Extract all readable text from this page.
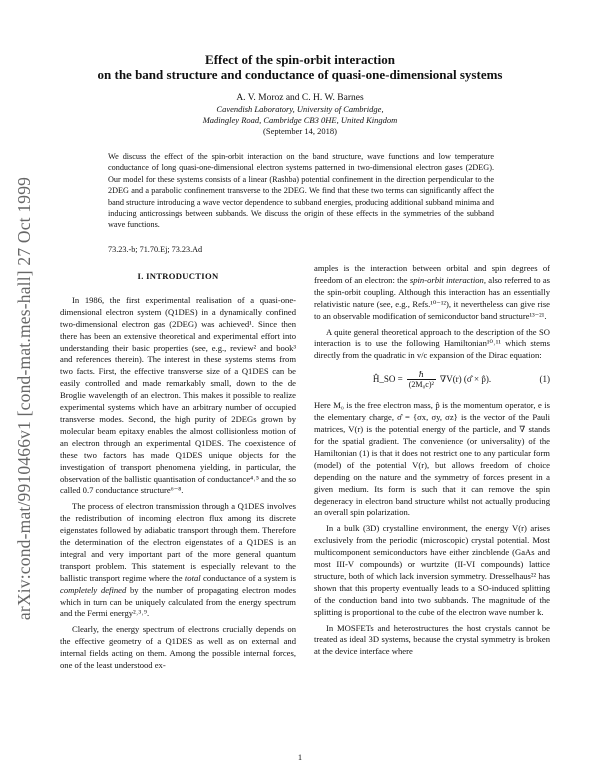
arXiv:cond-mat/9910466v1 [cond-mat.mes-hall] 27 Oct 1999
Effect of the spin-orbit interaction
on the band structure and conductance of quasi-one-dimensional systems
A. V. Moroz and C. H. W. Barnes
Cavendish Laboratory, University of Cambridge,
Madingley Road, Cambridge CB3 0HE, United Kingdom
(September 14, 2018)

We discuss the effect of the spin-orbit interaction on the band structure, wave functions and low temperature conductance of long quasi-one-dimensional electron systems patterned in two-dimensional electron gases (2DEG). Our model for these systems consists of a linear (Rashba) potential confinement in the direction perpendicular to the 2DEG and a parabolic confinement transverse to the 2DEG. We find that these two terms can significantly affect the band structure introducing a wave vector dependence to subband energies, producing additional subband minima and inducing anticrossings between subbands. We discuss the origin of these effects in the symmetries of the subband wave functions.

73.23.-b; 71.70.Ej; 73.23.Ad

I. INTRODUCTION

In 1986, the first experimental realisation of a quasi-one-dimensional electron system (Q1DES) in a dynamically confined two-dimensional electron gas (2DEG) was achieved¹. Since then there has been an extensive theoretical and experimental effort into understanding their basic properties (see, e.g., review² and book³ and references therein). The interest in these systems stems from two facts. First, the effective transverse size of a Q1DES can be easily controlled and made remarkably small, down to the de Broglie wavelength of an electron. This makes it possible to realize experimental systems which have an arbitrary number of occupied transverse modes. Second, the high purity of 2DEGs grown by molecular beam epitaxy enables the almost collisionless motion of an electron through an experimental Q1DES. The coexistence of these two factors has made Q1DES unique objects for the investigation of transport phenomena yielding, in particular, the observation of the ballistic quantisation of conductance⁴˒⁵ and the so called 0.7 conductance structure⁶⁻⁸.

The process of electron transmission through a Q1DES involves the redistribution of incoming electron flux among its discrete eigenstates followed by adiabatic transport through them. Therefore the determination of the electron eigenstates of a Q1DES is an integral and very important part of the more general quantum transport problem. This statement is especially relevant to the ballistic transport regime where the total conductance of a system is completely defined by the number of propagating electron modes which in turn can be uniquely calculated from the energy spectrum and the Fermi energy²˒³˒⁹.

Clearly, the energy spectrum of electrons crucially depends on the effective geometry of a Q1DES as well as on external and internal fields acting on them. Among the possible internal forces, one of the least understood ex-

amples is the interaction between orbital and spin degrees of freedom of an electron: the spin-orbit interaction, also referred to as the spin-orbit coupling. Although this interaction has an essentially relativistic nature (see, e.g., Refs.¹⁰⁻¹²), it nevertheless can give rise to an observable modification of semiconductor band structure¹³⁻²¹.

A quite general theoretical approach to the description of the SO interaction is to use the following Hamiltonian¹⁰˒¹¹ which stems directly from the quadratic in v/c expansion of the Dirac equation:

Ĥ_SO = ℏ
(2M₀c)²
∇V(r) (σ̂ × p̂).	(1)

Here M₀ is the free electron mass, p̂ is the momentum operator, e is the elementary charge, σ̂ = {σx, σy, σz} is the vector of the Pauli matrices, V(r) is the potential energy of the particle, and ∇ stands for the spatial gradient. The convenience (or universality) of the Hamiltonian (1) is that it does not restrict one to any particular form (model) of the potential V(r), but allows freedom of choice depending on the nature and the symmetry of forces present in a given medium. Its form is such that it can remove the spin degeneracy in electron band structure whilst not actually producing an overall spin polarization.

In a bulk (3D) crystalline environment, the energy V(r) arises exclusively from the periodic (microscopic) crystal potential. Most multicomponent semiconductors have either zincblende (GaAs and most III-V compounds) or wurtzite (II-VI compounds) lattice structure, both of which lack inversion symmetry. Dresselhaus²² has shown that this property eventually leads to a SO-induced splitting of the conduction band into two subbands. The magnitude of the splitting is proportional to the cube of the electron wave number k.

In MOSFETs and heterostructures the host crystals cannot be treated as ideal 3D systems, because the crystal symmetry is broken at the device interface where

1
